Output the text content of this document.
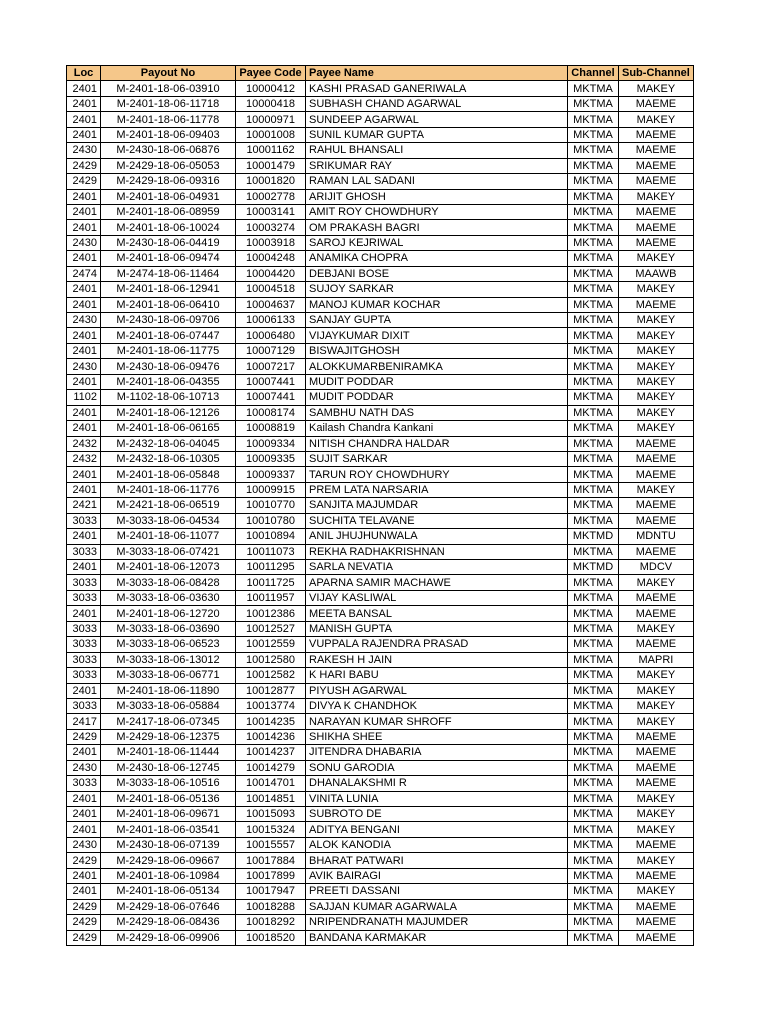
Loc	Payout No	Payee Code	Payee Name	Channel	Sub-Channel
2401	M-2401-18-06-03910	10000412	KASHI PRASAD GANERIWALA	MKTMA	MAKEY
2401	M-2401-18-06-11718	10000418	SUBHASH CHAND AGARWAL	MKTMA	MAEME
2401	M-2401-18-06-11778	10000971	SUNDEEP AGARWAL	MKTMA	MAKEY
2401	M-2401-18-06-09403	10001008	SUNIL KUMAR GUPTA	MKTMA	MAEME
2430	M-2430-18-06-06876	10001162	RAHUL BHANSALI	MKTMA	MAEME
2429	M-2429-18-06-05053	10001479	SRIKUMAR RAY	MKTMA	MAEME
2429	M-2429-18-06-09316	10001820	RAMAN LAL SADANI	MKTMA	MAEME
2401	M-2401-18-06-04931	10002778	ARIJIT GHOSH	MKTMA	MAKEY
2401	M-2401-18-06-08959	10003141	AMIT ROY CHOWDHURY	MKTMA	MAEME
2401	M-2401-18-06-10024	10003274	OM PRAKASH BAGRI	MKTMA	MAEME
2430	M-2430-18-06-04419	10003918	SAROJ KEJRIWAL	MKTMA	MAEME
2401	M-2401-18-06-09474	10004248	ANAMIKA CHOPRA	MKTMA	MAKEY
2474	M-2474-18-06-11464	10004420	DEBJANI BOSE	MKTMA	MAAWB
2401	M-2401-18-06-12941	10004518	SUJOY SARKAR	MKTMA	MAKEY
2401	M-2401-18-06-06410	10004637	MANOJ KUMAR KOCHAR	MKTMA	MAEME
2430	M-2430-18-06-09706	10006133	SANJAY GUPTA	MKTMA	MAKEY
2401	M-2401-18-06-07447	10006480	VIJAYKUMAR DIXIT	MKTMA	MAKEY
2401	M-2401-18-06-11775	10007129	BISWAJITGHOSH	MKTMA	MAKEY
2430	M-2430-18-06-09476	10007217	ALOKKUMARBENIRAMKA	MKTMA	MAKEY
2401	M-2401-18-06-04355	10007441	MUDIT PODDAR	MKTMA	MAKEY
1102	M-1102-18-06-10713	10007441	MUDIT PODDAR	MKTMA	MAKEY
2401	M-2401-18-06-12126	10008174	SAMBHU NATH DAS	MKTMA	MAKEY
2401	M-2401-18-06-06165	10008819	Kailash Chandra Kankani	MKTMA	MAKEY
2432	M-2432-18-06-04045	10009334	NITISH CHANDRA HALDAR	MKTMA	MAEME
2432	M-2432-18-06-10305	10009335	SUJIT SARKAR	MKTMA	MAEME
2401	M-2401-18-06-05848	10009337	TARUN ROY CHOWDHURY	MKTMA	MAEME
2401	M-2401-18-06-11776	10009915	PREM LATA NARSARIA	MKTMA	MAKEY
2421	M-2421-18-06-06519	10010770	SANJITA MAJUMDAR	MKTMA	MAEME
3033	M-3033-18-06-04534	10010780	SUCHITA TELAVANE	MKTMA	MAEME
2401	M-2401-18-06-11077	10010894	ANIL JHUJHUNWALA	MKTMD	MDNTU
3033	M-3033-18-06-07421	10011073	REKHA RADHAKRISHNAN	MKTMA	MAEME
2401	M-2401-18-06-12073	10011295	SARLA NEVATIA	MKTMD	MDCV
3033	M-3033-18-06-08428	10011725	APARNA SAMIR MACHAWE	MKTMA	MAKEY
3033	M-3033-18-06-03630	10011957	VIJAY KASLIWAL	MKTMA	MAEME
2401	M-2401-18-06-12720	10012386	MEETA BANSAL	MKTMA	MAEME
3033	M-3033-18-06-03690	10012527	MANISH GUPTA	MKTMA	MAKEY
3033	M-3033-18-06-06523	10012559	VUPPALA RAJENDRA PRASAD	MKTMA	MAEME
3033	M-3033-18-06-13012	10012580	RAKESH H JAIN	MKTMA	MAPRI
3033	M-3033-18-06-06771	10012582	K HARI BABU	MKTMA	MAKEY
2401	M-2401-18-06-11890	10012877	PIYUSH AGARWAL	MKTMA	MAKEY
3033	M-3033-18-06-05884	10013774	DIVYA K CHANDHOK	MKTMA	MAKEY
2417	M-2417-18-06-07345	10014235	NARAYAN KUMAR SHROFF	MKTMA	MAKEY
2429	M-2429-18-06-12375	10014236	SHIKHA SHEE	MKTMA	MAEME
2401	M-2401-18-06-11444	10014237	JITENDRA DHABARIA	MKTMA	MAEME
2430	M-2430-18-06-12745	10014279	SONU GARODIA	MKTMA	MAEME
3033	M-3033-18-06-10516	10014701	DHANALAKSHMI R	MKTMA	MAEME
2401	M-2401-18-06-05136	10014851	VINITA LUNIA	MKTMA	MAKEY
2401	M-2401-18-06-09671	10015093	SUBROTO DE	MKTMA	MAKEY
2401	M-2401-18-06-03541	10015324	ADITYA BENGANI	MKTMA	MAKEY
2430	M-2430-18-06-07139	10015557	ALOK KANODIA	MKTMA	MAEME
2429	M-2429-18-06-09667	10017884	BHARAT PATWARI	MKTMA	MAKEY
2401	M-2401-18-06-10984	10017899	AVIK BAIRAGI	MKTMA	MAEME
2401	M-2401-18-06-05134	10017947	PREETI DASSANI	MKTMA	MAKEY
2429	M-2429-18-06-07646	10018288	SAJJAN KUMAR AGARWALA	MKTMA	MAEME
2429	M-2429-18-06-08436	10018292	NRIPENDRANATH MAJUMDER	MKTMA	MAEME
2429	M-2429-18-06-09906	10018520	BANDANA KARMAKAR	MKTMA	MAEME
